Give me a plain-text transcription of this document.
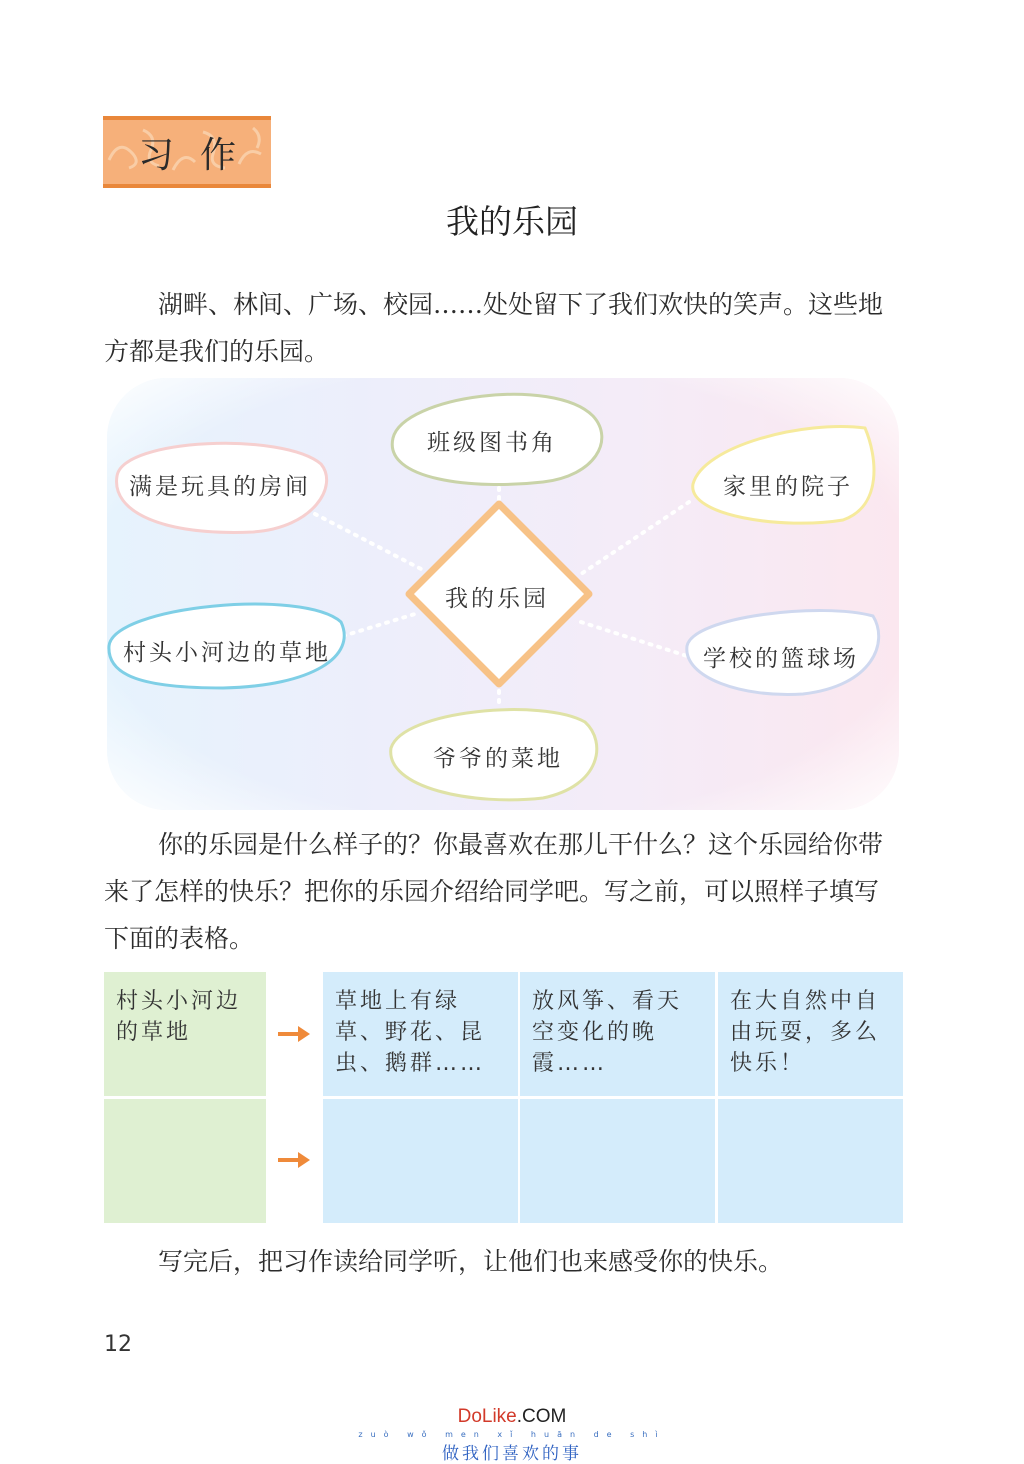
习作
我的乐园

湖畔、林间、广场、校园……处处留下了我们欢快的笑声。这些地方都是我们的乐园。

班级图书角
满是玩具的房间	家里的院子
我的乐园
村头小河边的草地	学校的篮球场
爷爷的菜地

你的乐园是什么样子的？你最喜欢在那儿干什么？这个乐园给你带来了怎样的快乐？把你的乐园介绍给同学吧。写之前，可以照样子填写下面的表格。

村头小河边的草地
草地上有绿草、野花、昆虫、鹅群……
放风筝、看天空变化的晚霞……
在大自然中自由玩耍，多么快乐！

写完后，把习作读给同学听，让他们也来感受你的快乐。

12
DoLike.COM
zuò wǒ men xǐ huān de shì
做我们喜欢的事
